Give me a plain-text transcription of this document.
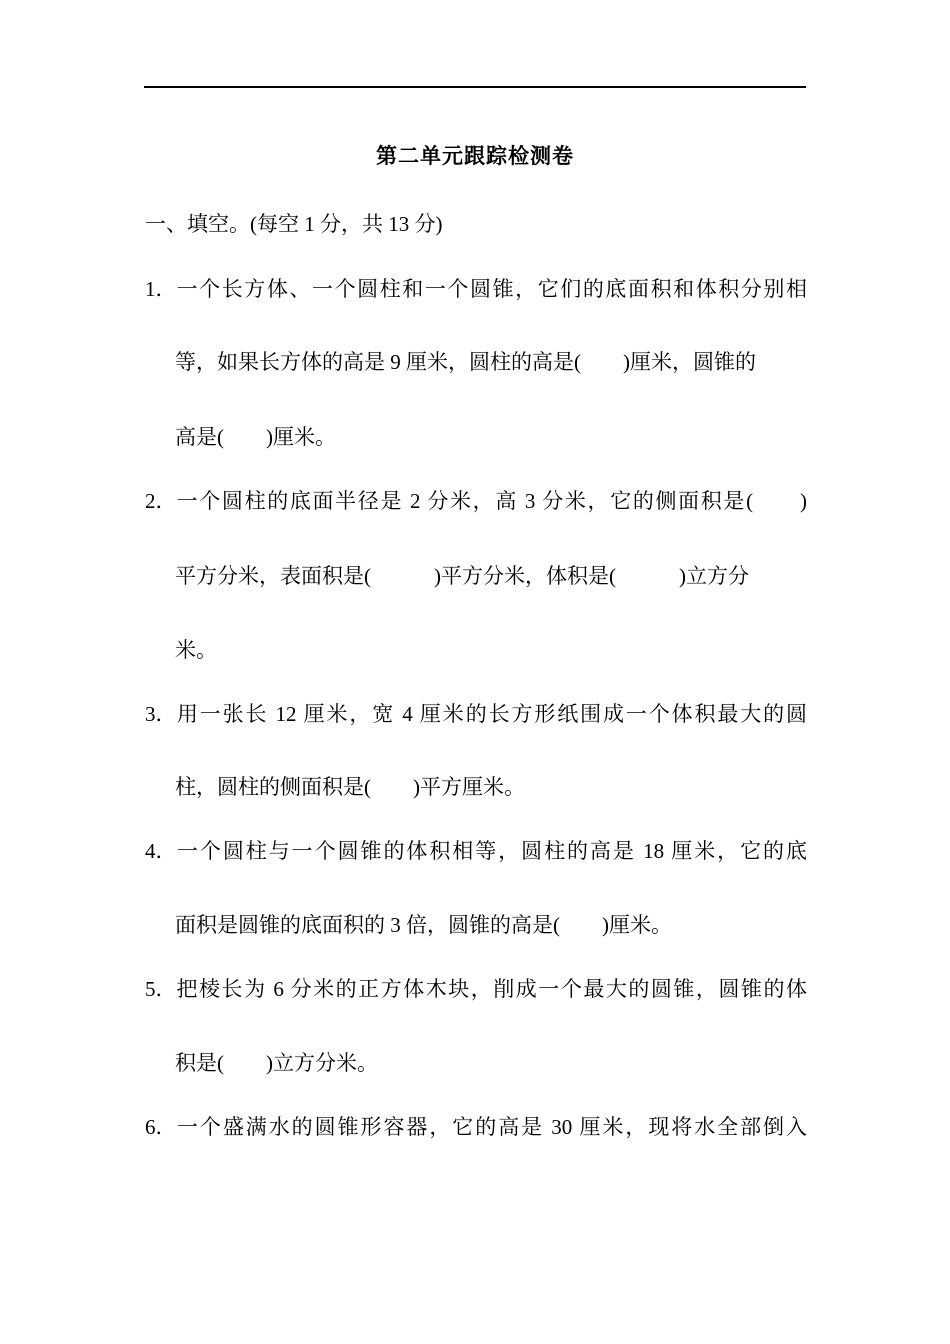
第二单元跟踪检测卷
一、填空。(每空 1 分，共 13 分)
1．一个长方体、一个圆柱和一个圆锥，它们的底面积和体积分别相
等，如果长方体的高是 9 厘米，圆柱的高是(　　)厘米，圆锥的
高是(　　)厘米。
2．一个圆柱的底面半径是 2 分米，高 3 分米，它的侧面积是(　　)
平方分米，表面积是(　　　)平方分米，体积是(　　　)立方分
米。
3．用一张长 12 厘米，宽 4 厘米的长方形纸围成一个体积最大的圆
柱，圆柱的侧面积是(　　)平方厘米。
4．一个圆柱与一个圆锥的体积相等，圆柱的高是 18 厘米，它的底
面积是圆锥的底面积的 3 倍，圆锥的高是(　　)厘米。
5．把棱长为 6 分米的正方体木块，削成一个最大的圆锥，圆锥的体
积是(　　)立方分米。
6．一个盛满水的圆锥形容器，它的高是 30 厘米，现将水全部倒入
